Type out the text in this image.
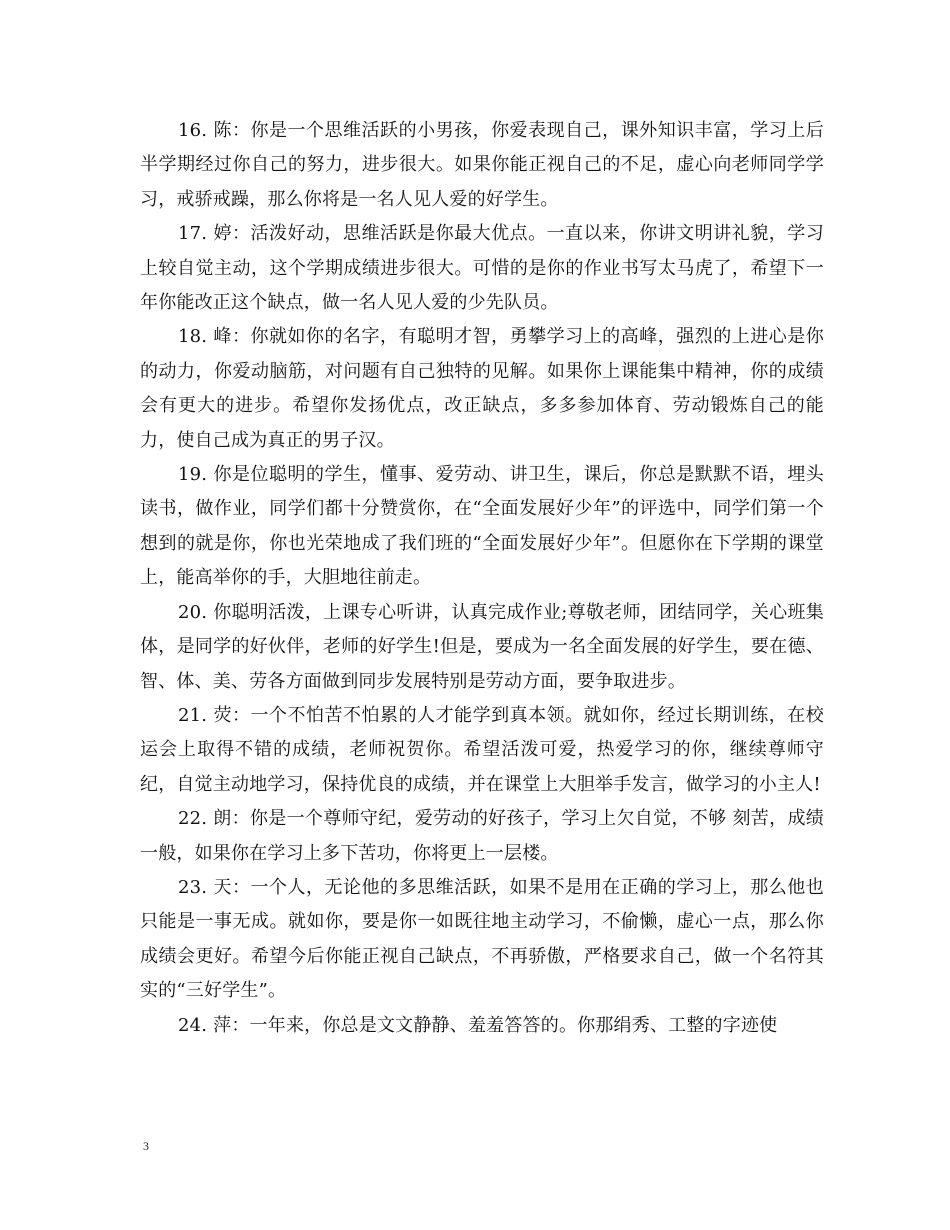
16. 陈：你是一个思维活跃的小男孩，你爱表现自己，课外知识丰富，学习上后半学期经过你自己的努力，进步很大。如果你能正视自己的不足，虚心向老师同学学习，戒骄戒躁，那么你将是一名人见人爱的好学生。

17. 婷：活泼好动，思维活跃是你最大优点。一直以来，你讲文明讲礼貌，学习上较自觉主动，这个学期成绩进步很大。可惜的是你的作业书写太马虎了，希望下一年你能改正这个缺点，做一名人见人爱的少先队员。

18. 峰：你就如你的名字，有聪明才智，勇攀学习上的高峰，强烈的上进心是你的动力，你爱动脑筋，对问题有自己独特的见解。如果你上课能集中精神，你的成绩会有更大的进步。希望你发扬优点，改正缺点，多多参加体育、劳动锻炼自己的能力，使自己成为真正的男子汉。

19. 你是位聪明的学生，懂事、爱劳动、讲卫生，课后，你总是默默不语，埋头读书，做作业，同学们都十分赞赏你，在“全面发展好少年”的评选中，同学们第一个想到的就是你，你也光荣地成了我们班的“全面发展好少年”。但愿你在下学期的课堂上，能高举你的手，大胆地往前走。

20. 你聪明活泼，上课专心听讲，认真完成作业;尊敬老师，团结同学，关心班集体，是同学的好伙伴，老师的好学生!但是，要成为一名全面发展的好学生，要在德、智、体、美、劳各方面做到同步发展特别是劳动方面，要争取进步。

21. 荧：一个不怕苦不怕累的人才能学到真本领。就如你，经过长期训练，在校运会上取得不错的成绩，老师祝贺你。希望活泼可爱，热爱学习的你，继续尊师守纪，自觉主动地学习，保持优良的成绩，并在课堂上大胆举手发言，做学习的小主人!

22. 朗：你是一个尊师守纪，爱劳动的好孩子，学习上欠自觉，不够 刻苦，成绩一般，如果你在学习上多下苦功，你将更上一层楼。

23. 天：一个人，无论他的多思维活跃，如果不是用在正确的学习上，那么他也只能是一事无成。就如你，要是你一如既往地主动学习，不偷懒，虚心一点，那么你成绩会更好。希望今后你能正视自己缺点，不再骄傲，严格要求自己，做一个名符其实的“三好学生”。

24. 萍：一年来，你总是文文静静、羞羞答答的。你那绢秀、工整的字迹使

3
